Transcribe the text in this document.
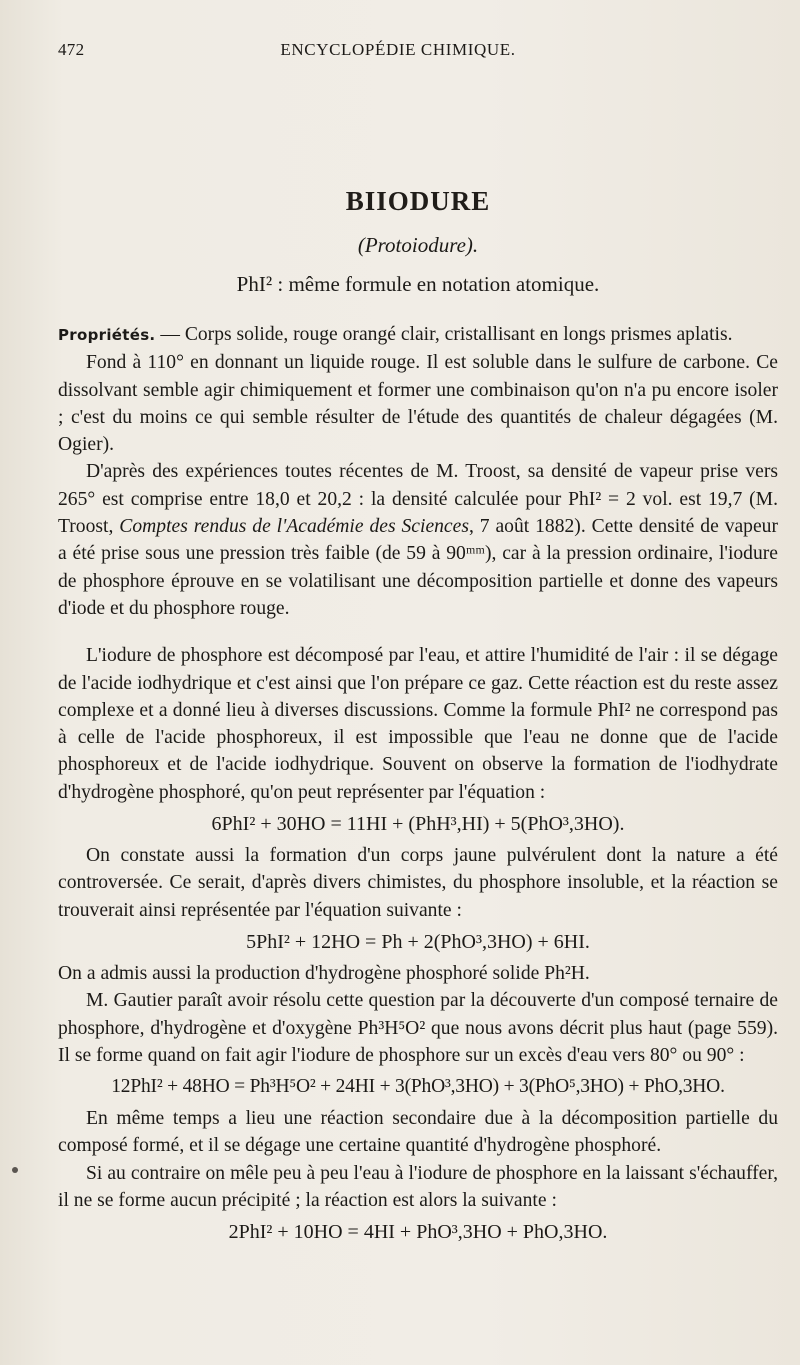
472	ENCYCLOPÉDIE CHIMIQUE.
BIIODURE
(Protoiodure).
PhI² : même formule en notation atomique.

Propriétés. — Corps solide, rouge orangé clair, cristallisant en longs prismes aplatis.

Fond à 110° en donnant un liquide rouge. Il est soluble dans le sulfure de carbone. Ce dissolvant semble agir chimiquement et former une combinaison qu'on n'a pu encore isoler ; c'est du moins ce qui semble résulter de l'étude des quantités de chaleur dégagées (M. Ogier).

D'après des expériences toutes récentes de M. Troost, sa densité de vapeur prise vers 265° est comprise entre 18,0 et 20,2 : la densité calculée pour PhI² = 2 vol. est 19,7 (M. Troost, Comptes rendus de l'Académie des Sciences, 7 août 1882). Cette densité de vapeur a été prise sous une pression très faible (de 59 à 90ᵐᵐ), car à la pression ordinaire, l'iodure de phosphore éprouve en se volatilisant une décomposition partielle et donne des vapeurs d'iode et du phosphore rouge.

L'iodure de phosphore est décomposé par l'eau, et attire l'humidité de l'air : il se dégage de l'acide iodhydrique et c'est ainsi que l'on prépare ce gaz. Cette réaction est du reste assez complexe et a donné lieu à diverses discussions. Comme la formule PhI² ne correspond pas à celle de l'acide phosphoreux, il est impossible que l'eau ne donne que de l'acide phosphoreux et de l'acide iodhydrique. Souvent on observe la formation de l'iodhydrate d'hydrogène phosphoré, qu'on peut représenter par l'équation :

6PhI² + 30HO = 11HI + (PhH³,HI) + 5(PhO³,3HO).

On constate aussi la formation d'un corps jaune pulvérulent dont la nature a été controversée. Ce serait, d'après divers chimistes, du phosphore insoluble, et la réaction se trouverait ainsi représentée par l'équation suivante :

5PhI² + 12HO = Ph + 2(PhO³,3HO) + 6HI.

On a admis aussi la production d'hydrogène phosphoré solide Ph²H.

M. Gautier paraît avoir résolu cette question par la découverte d'un composé ternaire de phosphore, d'hydrogène et d'oxygène Ph³H⁵O² que nous avons décrit plus haut (page 559). Il se forme quand on fait agir l'iodure de phosphore sur un excès d'eau vers 80° ou 90° :

12PhI² + 48HO = Ph³H⁵O² + 24HI + 3(PhO³,3HO) + 3(PhO⁵,3HO) + PhO,3HO.

En même temps a lieu une réaction secondaire due à la décomposition partielle du composé formé, et il se dégage une certaine quantité d'hydrogène phosphoré.

Si au contraire on mêle peu à peu l'eau à l'iodure de phosphore en la laissant s'échauffer, il ne se forme aucun précipité ; la réaction est alors la suivante :

2PhI² + 10HO = 4HI + PhO³,3HO + PhO,3HO.
